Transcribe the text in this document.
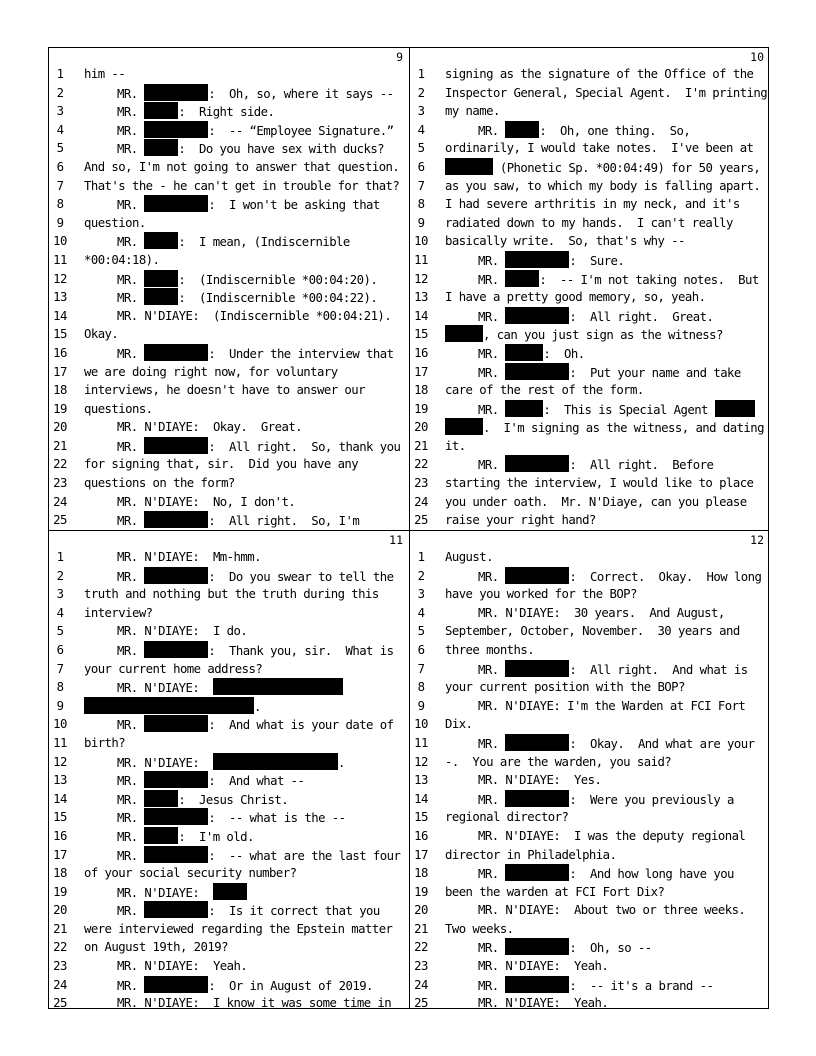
9
1	him --
2	MR.	:  Oh, so, where it says --
3	MR.	:  Right side.
4	MR.	:  -- “Employee Signature.”
5	MR.	:  Do you have sex with ducks?
6	And so, I'm not going to answer that question.
7	That's the - he can't get in trouble for that?
8	MR.	:  I won't be asking that
9	question.
10	MR.	:  I mean, (Indiscernible
11	*00:04:18).
12	MR.	:  (Indiscernible *00:04:20).
13	MR.	:  (Indiscernible *00:04:22).
14	MR. N'DIAYE:  (Indiscernible *00:04:21).
15	Okay.
16	MR.	:  Under the interview that
17	we are doing right now, for voluntary
18	interviews, he doesn't have to answer our
19	questions.
20	MR. N'DIAYE:  Okay.  Great.
21	MR.	:  All right.  So, thank you
22	for signing that, sir.  Did you have any
23	questions on the form?
24	MR. N'DIAYE:  No, I don't.
25	MR.	:  All right.  So, I'm
10
1	signing as the signature of the Office of the
2	Inspector General, Special Agent.  I'm printing
3	my name.
4	MR.	:  Oh, one thing.  So,
5	ordinarily, I would take notes.  I've been at
6	(Phonetic Sp. *00:04:49) for 50 years,
7	as you saw, to which my body is falling apart.
8	I had severe arthritis in my neck, and it's
9	radiated down to my hands.  I can't really
10	basically write.  So, that's why --
11	MR.	:  Sure.
12	MR.	:  -- I'm not taking notes.  But
13	I have a pretty good memory, so, yeah.
14	MR.	:  All right.  Great.
15	, can you just sign as the witness?
16	MR.	:  Oh.
17	MR.	:  Put your name and take
18	care of the rest of the form.
19	MR.	:  This is Special Agent
20	.  I'm signing as the witness, and dating
21	it.
22	MR.	:  All right.  Before
23	starting the interview, I would like to place
24	you under oath.  Mr. N'Diaye, can you please
25	raise your right hand?
11
1	MR. N'DIAYE:  Mm-hmm.
2	MR.	:  Do you swear to tell the
3	truth and nothing but the truth during this
4	interview?
5	MR. N'DIAYE:  I do.
6	MR.	:  Thank you, sir.  What is
7	your current home address?
8	MR. N'DIAYE:
9	.
10	MR.	:  And what is your date of
11	birth?
12	MR. N'DIAYE:	.
13	MR.	:  And what --
14	MR.	:  Jesus Christ.
15	MR.	:  -- what is the --
16	MR.	:  I'm old.
17	MR.	:  -- what are the last four
18	of your social security number?
19	MR. N'DIAYE:
20	MR.	:  Is it correct that you
21	were interviewed regarding the Epstein matter
22	on August 19th, 2019?
23	MR. N'DIAYE:  Yeah.
24	MR.	:  Or in August of 2019.
25	MR. N'DIAYE:  I know it was some time in
12
1	August.
2	MR.	:  Correct.  Okay.  How long
3	have you worked for the BOP?
4	MR. N'DIAYE:  30 years.  And August,
5	September, October, November.  30 years and
6	three months.
7	MR.	:  All right.  And what is
8	your current position with the BOP?
9	MR. N'DIAYE: I'm the Warden at FCI Fort
10	Dix.
11	MR.	:  Okay.  And what are your
12	-.  You are the warden, you said?
13	MR. N'DIAYE:  Yes.
14	MR.	:  Were you previously a
15	regional director?
16	MR. N'DIAYE:  I was the deputy regional
17	director in Philadelphia.
18	MR.	:  And how long have you
19	been the warden at FCI Fort Dix?
20	MR. N'DIAYE:  About two or three weeks.
21	Two weeks.
22	MR.	:  Oh, so --
23	MR. N'DIAYE:  Yeah.
24	MR.	:  -- it's a brand --
25	MR. N'DIAYE:  Yeah.
